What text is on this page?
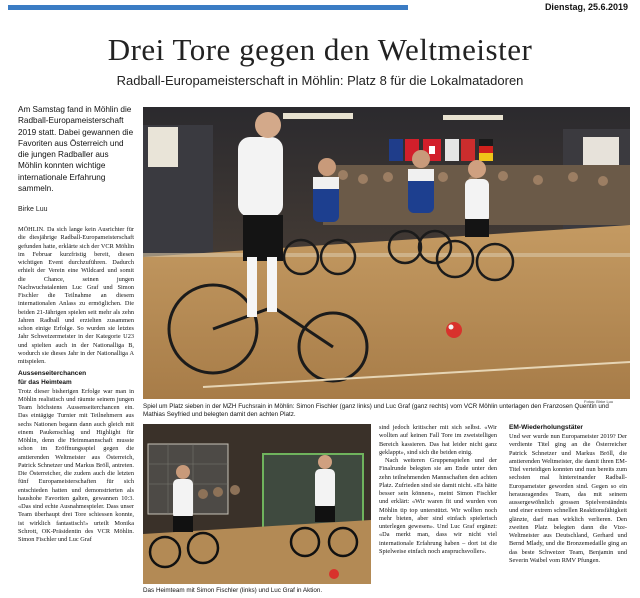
Dienstag, 25.6.2019
Drei Tore gegen den Weltmeister
Radball-Europameisterschaft in Möhlin: Platz 8 für die Lokalmatadoren
Am Samstag fand in Möhlin die Radball-Europameisterschaft 2019 statt. Dabei gewannen die Favoriten aus Österreich und die jungen Radballer aus Möhlin konnten wichtige internationale Erfahrung sammeln.
Birke Luu

MÖHLIN. Da sich lange kein Ausrichter für die diesjährige Radball-Europameisterschaft gefunden hatte, erklärte sich der VCR Möhlin im Februar kurzfristig bereit, diesen wichtigen Event durchzuführen. Dadurch erhielt der Verein eine Wildcard und somit die Chance, seinen jungen Nachwuchstalenten Luc Graf und Simon Fischler die Teilnahme an diesem internationalen Anlass zu ermöglichen. Die beiden 21-Jährigen spielen seit mehr als zehn Jahren Radball und erzielten zusammen schon einige Erfolge. So wurden sie letztes Jahr Schweizermeister in der Kategorie U23 und spielten auch in der Nationalliga B, wodurch sie dieses Jahr in der Nationalliga A mitspielen.

Aussenseiterchancen

für das Heimteam

Trotz dieser bisherigen Erfolge war man in Möhlin realistisch und räumte seinem jungen Team höchstens Aussenseiterchancen ein. Das eintägige Turnier mit Teilnehmern aus sechs Nationen begann dann auch gleich mit einem Paukenschlag und Highlight für Möhlin, denn die Heimmannschaft musste schon im Eröffnungsspiel gegen die amtierenden Weltmeister aus Österreich, Patrick Schnetzer und Markus Bröll, antreten. Die Österreicher, die zudem auch die letzten fünf Europameisterschaften für sich entschieden hatten und demonstrierten als haushohe Favoriten galten, gewannen 10:3. «Das sind echte Ausnahmespieler. Dass unser Team überhaupt drei Tore schiessen konnte, ist wirklich fantastisch!» urteilt Monika Schrott, OK-Präsidentin des VCR Möhlin. Simon Fischler und Luc Graf

Fotos: Birke Luu
Spiel um Platz sieben in der MZH Fuchsrain in Möhlin: Simon Fischler (ganz links) und Luc Graf (ganz rechts) vom VCR Möhlin unterlagen den Franzosen Quentin und Mathias Seyfried und belegten damit den achten Platz.
Das Heimteam mit Simon Fischler (links) und Luc Graf in Aktion.

sind jedoch kritischer mit sich selbst. «Wir wollten auf keinen Fall Tore im zweistelligen Bereich kassieren. Das hat leider nicht ganz geklappt», sind sich die beiden einig.

Nach weiteren Gruppenspielen und der Finalrunde belegten sie am Ende unter den zehn teilnehmenden Mannschaften den achten Platz. Zufrieden sind sie damit nicht. «Es hätte besser sein können», meint Simon Fischler und erklärt: «Wir waren fit und wurden von Möhlin tip top unterstützt. Wir wollten noch mehr bieten, aber sind einfach spielerisch unterlegen gewesen». Und Luc Graf ergänzt: «Da merkt man, dass wir nicht viel internationale Erfahrung haben – dort ist die Spielweise einfach noch anspruchsvoller».

EM-Wiederholungstäter

Und wer wurde nun Europameister 2019? Der verdiente Titel ging an die Österreicher Patrick Schnetzer und Markus Bröll, die amtierenden Weltmeister, die damit ihren EM-Titel verteidigen konnten und nun bereits zum sechsten mal hintereinander Radball-Europameister geworden sind. Gegen so ein herausragendes Team, das mit seinem aussergewöhnlich grossen Spielverständnis und einer extrem schnellen Reaktionsfähigkeit glänzte, darf man wirklich verlieren. Den zweiten Platz belegten dann die Vize-Weltmeister aus Deutschland, Gerhard und Bernd Mlady, und die Bronzemedaille ging an das beste Schweizer Team, Benjamin und Severin Waibel vom RMV Pfungen.
